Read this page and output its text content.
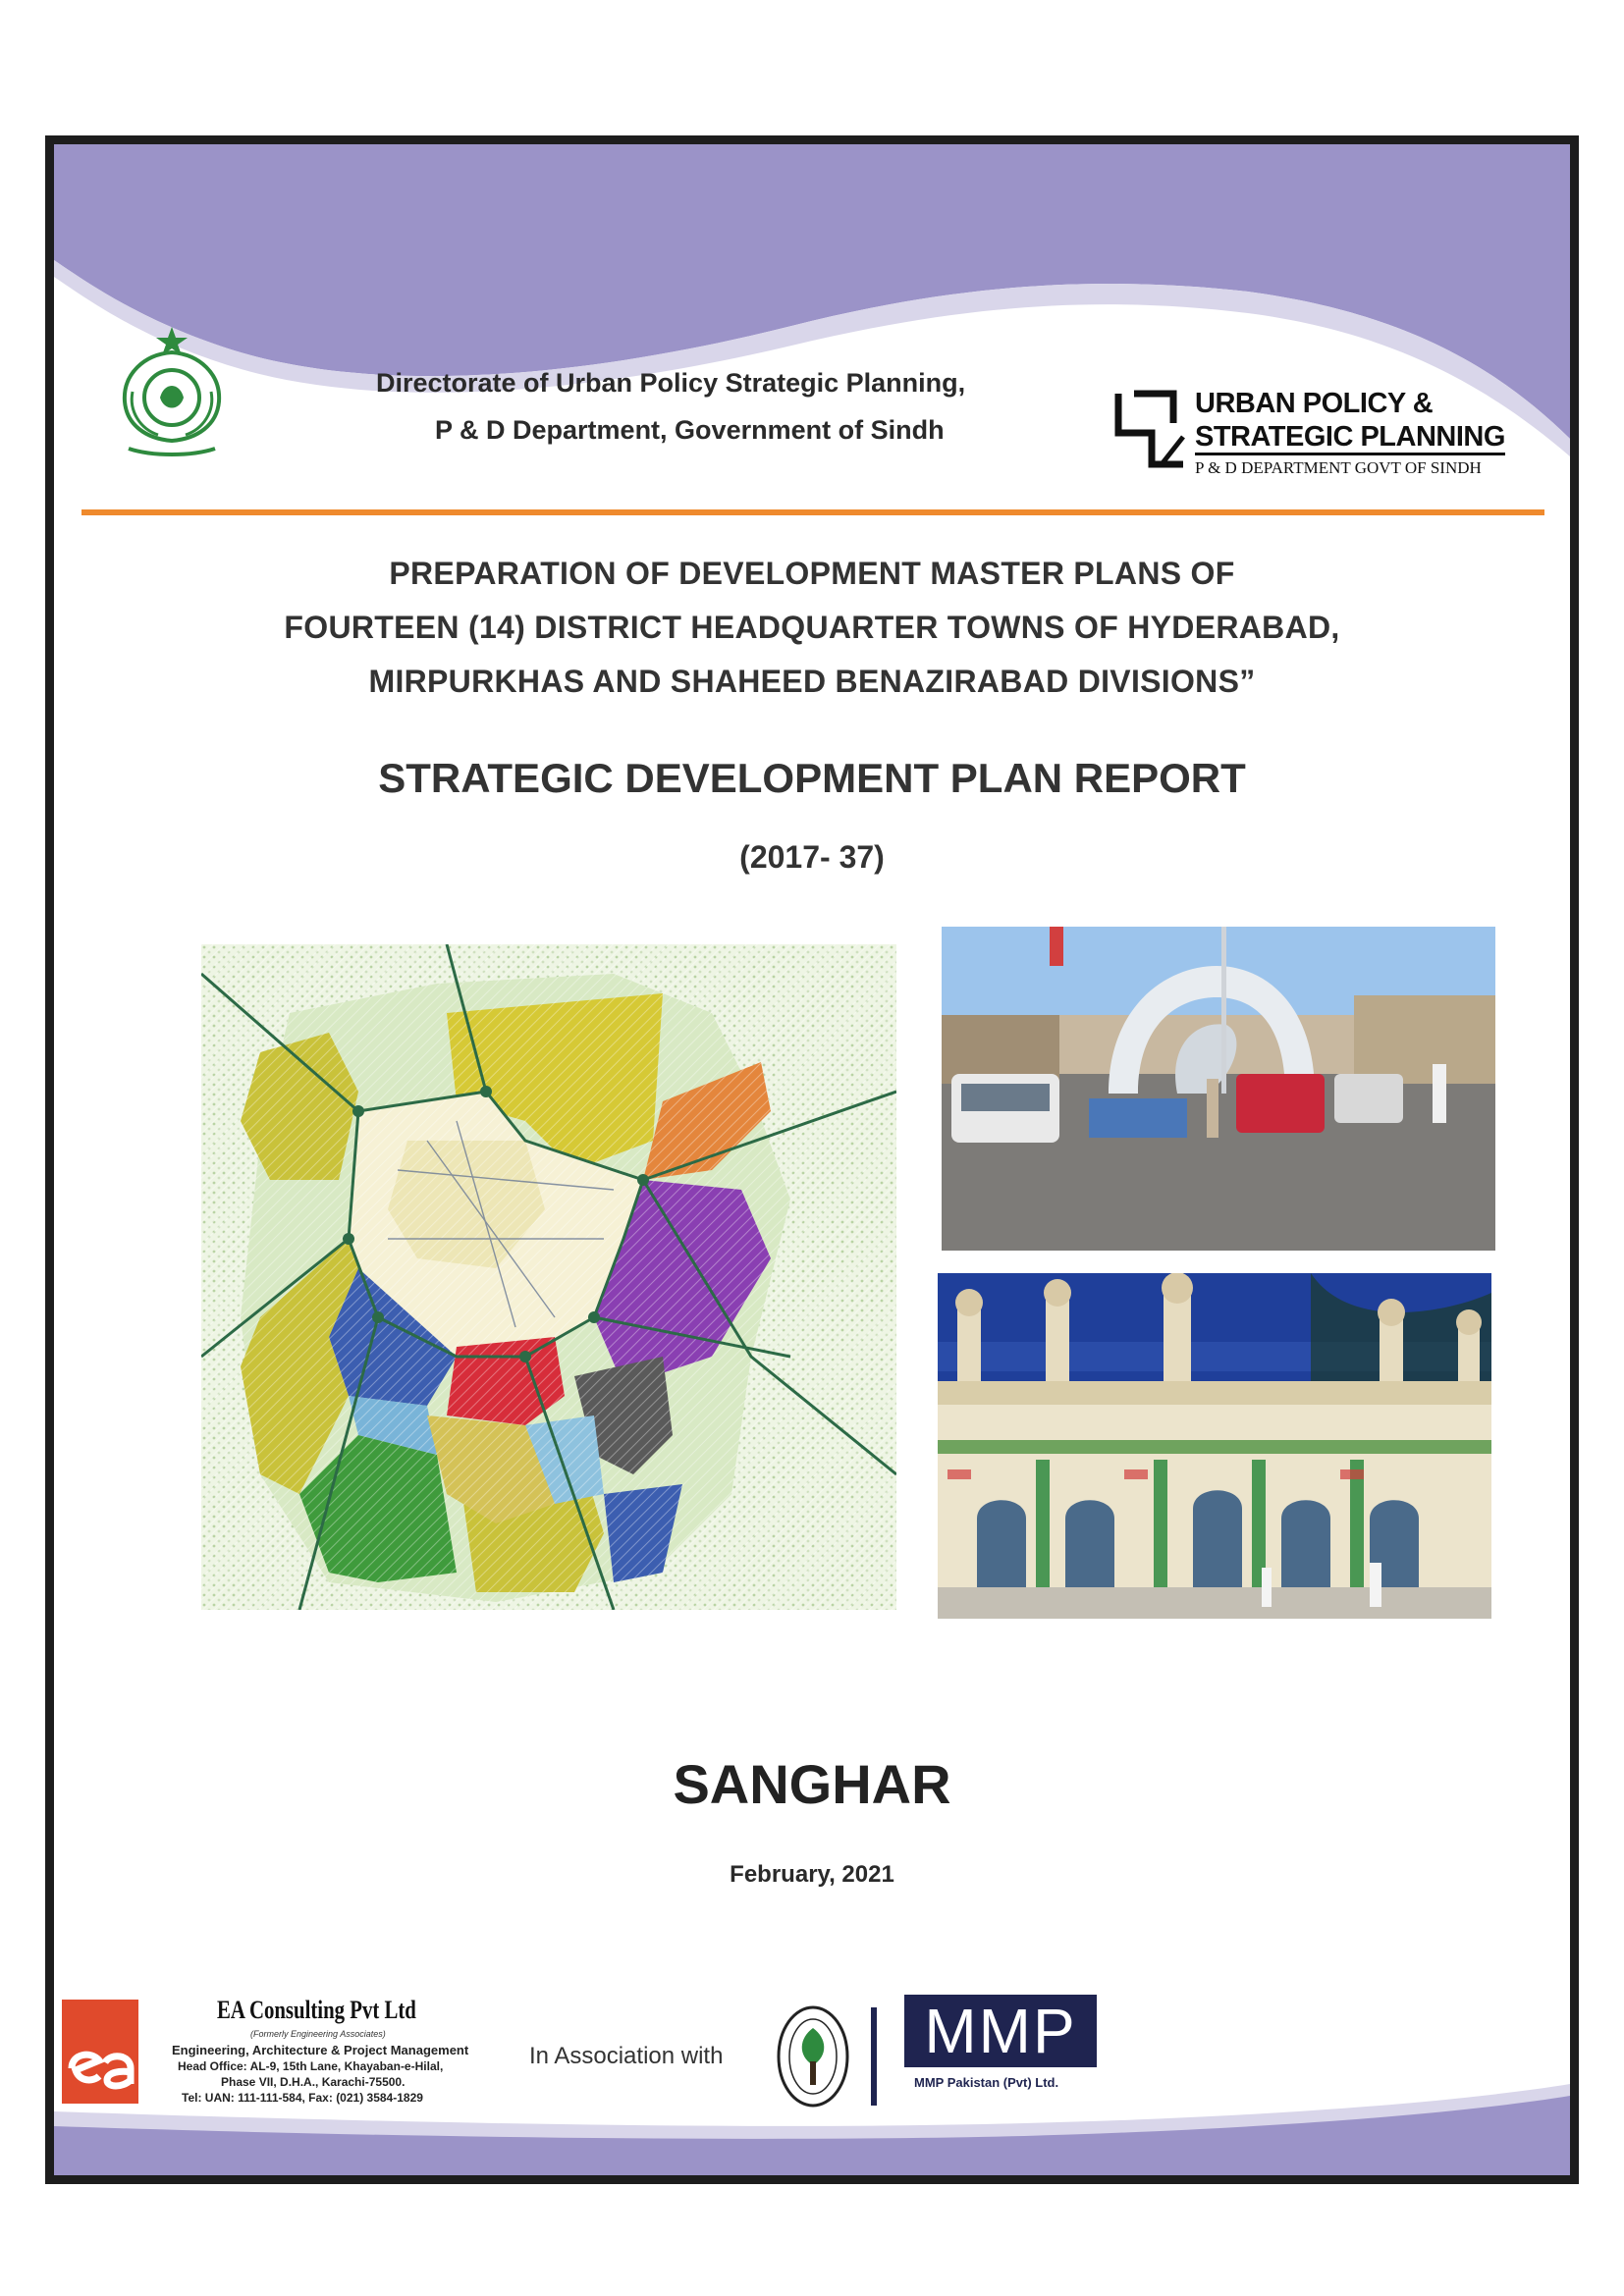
Directorate of Urban Policy Strategic Planning,
P & D Department, Government of Sindh
URBAN POLICY &
STRATEGIC PLANNING
P & D DEPARTMENT GOVT OF SINDH
PREPARATION OF DEVELOPMENT MASTER PLANS OF
FOURTEEN (14) DISTRICT HEADQUARTER TOWNS OF HYDERABAD,
MIRPURKHAS AND SHAHEED BENAZIRABAD DIVISIONS”
STRATEGIC DEVELOPMENT PLAN REPORT
(2017- 37)
SANGHAR
February, 2021
EA Consulting Pvt Ltd
(Formerly Engineering Associates)
Engineering, Architecture & Project Management
Head Office: AL-9, 15th Lane, Khayaban-e-Hilal,
Phase VII, D.H.A., Karachi-75500.
Tel: UAN: 111-111-584, Fax: (021) 3584-1829
In Association with	MMP
MMP Pakistan (Pvt) Ltd.
